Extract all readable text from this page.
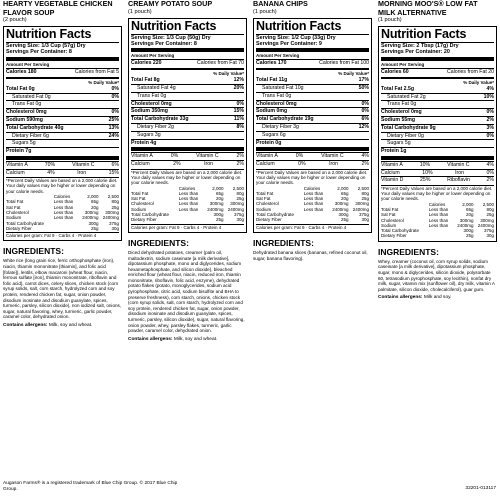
HEARTY VEGETABLE CHICKEN FLAVOR SOUP
(2 pouch)
Nutrition Facts
Serving Size: 1/3 Cup (57g) Dry
Servings Per Container: 8
Amount Per Serving
Calories 180	Calories from Fat 5
% Daily Value*
Total Fat 0g	0%
Saturated Fat 0g	0%
Trans Fat 0g
Cholesterol 0mg	0%
Sodium 590mg	25%
Total Carbohydrate 40g	13%
Dietary Fiber 6g	24%
Sugars 5g
Protein 7g
Vitamin A	70%	Vitamin C	6%
Calcium	4%	Iron	15%
*Percent Daily Values are based on a 2,000 calorie diet. Your daily values may be higher or lower depending on your calorie needs.
	Calories	2,000	2,500
Total Fat	Less than	65g	80g
Sat Fat	Less than	20g	25g
Cholesterol	Less than	300mg	300mg
Sodium	Less than	2400mg	2400mg
Total Carbohydrate		300g	375g
Dietary Fiber		25g	30g
Calories per gram: Fat 9 · Carbs 4 · Protein 4
INGREDIENTS:
White rice (long grain rice, ferric orthophosphate (iron), niacin, thiamin mononitrate [thiamin], and folic acid [folate]), lentils, elbow macaroni (wheat flour, niacin, ferrous sulfate [iron], thiamin mononitrate, riboflavin and folic acid), carrot dices, celery slices, chicken stock (corn syrup solids, salt, corn starch, hydrolyzed corn and soy protein, rendered chicken fat, sugar, onion powder, disodium inosinate and disodium guanylate, spices, turmeric, parsley, silicon dioxide), non iodized salt, onions, sugar, natural flavoring, whey, turmeric, garlic powder, caramel color, dehydrated onion.
Contains allergens: Milk, soy and wheat.
CREAMY POTATO SOUP
(1 pouch)
Nutrition Facts
Serving Size: 1/3 Cup (50g) Dry
Servings Per Container: 8
Amount Per Serving
Calories 220	Calories from Fat 70
% Daily Value*
Total Fat 8g	12%
Saturated Fat 4g	20%
Trans Fat 0g
Cholesterol 0mg	0%
Sodium 350mg	15%
Total Carbohydrate 33g	11%
Dietary Fiber 2g	8%
Sugars 3g
Protein 4g
Vitamin A	0%	Vitamin C	2%
Calcium	2%	Iron	2%
*Percent Daily Values are based on a 2,000 calorie diet. Your daily values may be higher or lower depending on your calorie needs.
	Calories	2,000	2,500
Total Fat	Less than	65g	80g
Sat Fat	Less than	20g	25g
Cholesterol	Less than	300mg	300mg
Sodium	Less than	2400mg	2400mg
Total Carbohydrate		300g	375g
Dietary Fiber		25g	30g
Calories per gram: Fat 9 · Carbs 4 · Protein 4
INGREDIENTS:
Diced dehydrated potatoes, creamer (palm oil, maltodextrin, sodium caseinate [a milk derivative], dipotassium phosphate, mono and diglycerides, sodium hexametaphosphate, and silicon dioxide), bleached enriched flour (wheat flour, niacin, reduced iron, thiamin mononitrate, riboflavin, folic acid, enzyme), dehydrated potato flakes (potato, monoglycerides, sodium acid pyrophosphate, citric acid, sodium bisulfite and BHA to preserve freshness), corn starch, onions, chicken stock (corn syrup solids, salt, corn starch, hydrolyzed corn and soy protein, rendered chicken fat, sugar, onion powder, disodium inosinate and disodium guanylate, spices, turmeric, parsley, silicon dioxide), sugar, natural flavoring, onion powder, whey, parsley flakes, turmeric, garlic powder, caramel color, dehydrated onion.
Contains allergens: Milk, soy and wheat.
BANANA CHIPS
(1 pouch)
Nutrition Facts
Serving Size: 1/2 Cup (33g) Dry
Servings Per Container: 9
Amount Per Serving
Calories 170	Calories from Fat 100
% Daily Value*
Total Fat 11g	17%
Saturated Fat 10g	50%
Trans Fat 0g
Cholesterol 0mg	0%
Sodium 0mg	0%
Total Carbohydrate 19g	6%
Dietary Fiber 3g	12%
Sugars 6g
Protein 0g
Vitamin A	0%	Vitamin C	4%
Calcium	0%	Iron	2%
*Percent Daily Values are based on a 2,000 calorie diet. Your daily values may be higher or lower depending on your calorie needs.
	Calories	2,000	2,500
Total Fat	Less than	65g	80g
Sat Fat	Less than	20g	25g
Cholesterol	Less than	300mg	300mg
Sodium	Less than	2400mg	2400mg
Total Carbohydrate		300g	375g
Dietary Fiber		25g	30g
Calories per gram: Fat 9 · Carbs 4 · Protein 4
INGREDIENTS:
Dehydrated banana slices (bananas, refined coconut oil, sugar, banana flavoring).
MORNING MOO'S® LOW FAT MILK ALTERNATIVE
(1 pouch)
Nutrition Facts
Serving Size: 2 Tbsp (17g) Dry
Servings Per Container: 20
Amount Per Serving
Calories 60	Calories from Fat 20
% Daily Value*
Total Fat 2.5g	4%
Saturated Fat 2g	10%
Trans Fat 0g
Cholesterol 0mg	0%
Sodium 55mg	2%
Total Carbohydrate 9g	3%
Dietary Fiber 0g	0%
Sugars 5g
Protein 1g
Vitamin A	10%	Vitamin C	4%
Calcium	10%	Iron	0%
Vitamin D	25%	Riboflavin	2%
*Percent Daily Values are based on a 2,000 calorie diet. Your daily values may be higher or lower depending on your calorie needs.
	Calories	2,000	2,500
Total Fat	Less than	65g	80g
Sat Fat	Less than	20g	25g
Cholesterol	Less than	300mg	300mg
Sodium	Less than	2400mg	2400mg
Total Carbohydrate		300g	375g
Dietary Fiber		25g	30g
INGREDIENTS:
Whey, creamer (coconut oil, corn syrup solids, sodium caseinate [a milk derivative], dipotassium phosphate, sugar, mono & diglycerides, silicon dioxide, polysorbate 60, tetrasodium pyrophosphate, soy lecithin), nonfat dry milk, sugar, vitamin mix (sunflower oil), dry milk, vitamin A palmitate, silicon dioxide, cholecalciferol), guar gum.
Contains allergens: Milk and soy.
Augason Farms® is a registered trademark of Blue Chip Group. © 2017 Blue Chip Group.	32201-013117
